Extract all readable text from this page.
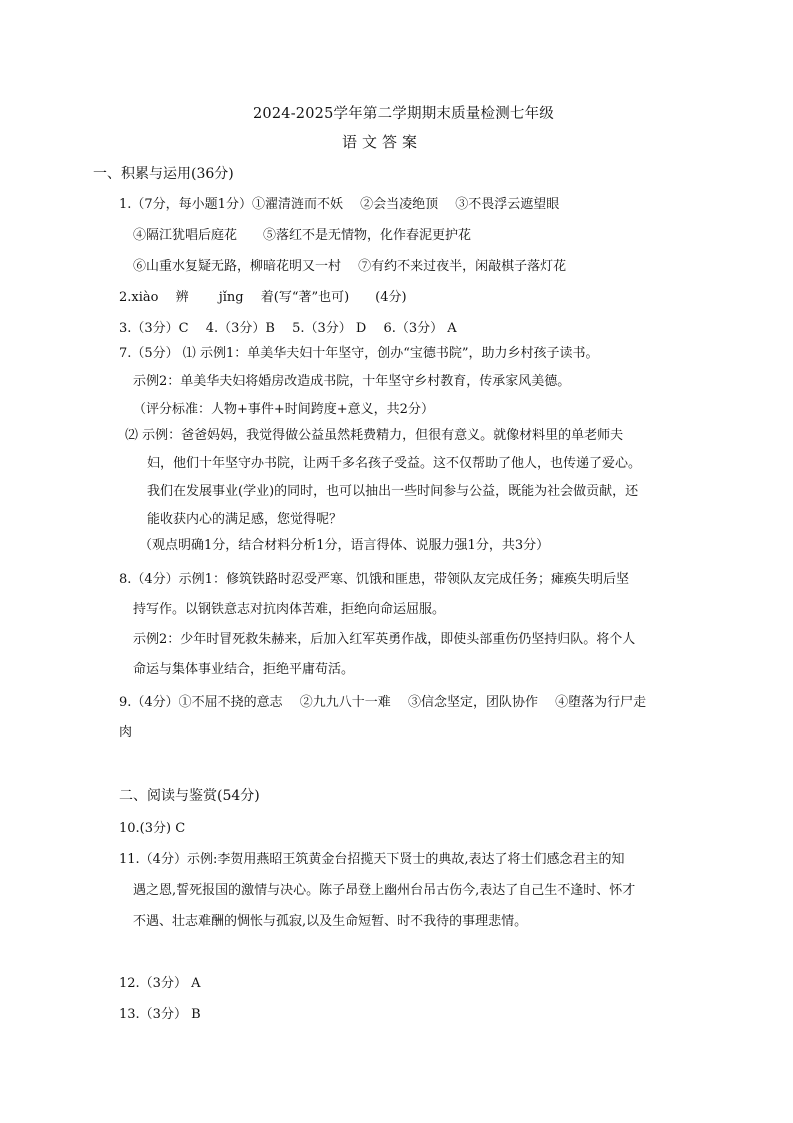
2024-2025学年第二学期期末质量检测七年级
语文答案
一、积累与运用(36分)
1.（7分，每小题1分）①濯清涟而不妖　 ②会当凌绝顶　 ③不畏浮云遮望眼
④隔江犹唱后庭花　　⑤落红不是无情物，化作春泥更护花
⑥山重水复疑无路，柳暗花明又一村　 ⑦有约不来过夜半，闲敲棋子落灯花
2.xiào　 辨　　 jǐng　 着(写“著”也可)　　(4分)
3.（3分）C　 4.（3分）B　 5.（3分） D　 6.（3分） A
7.（5分） ⑴ 示例1：单美华夫妇十年坚守，创办“宝德书院”，助力乡村孩子读书。
示例2：单美华夫妇将婚房改造成书院，十年坚守乡村教育，传承家风美德。
（评分标准：人物+事件+时间跨度+意义，共2分）
⑵ 示例：爸爸妈妈，我觉得做公益虽然耗费精力，但很有意义。就像材料里的单老师夫
妇，他们十年坚守办书院，让两千多名孩子受益。这不仅帮助了他人，也传递了爱心。
我们在发展事业(学业)的同时，也可以抽出一些时间参与公益，既能为社会做贡献，还
能收获内心的满足感，您觉得呢？
（观点明确1分，结合材料分析1分，语言得体、说服力强1分，共3分）
8.（4分）示例1：修筑铁路时忍受严寒、饥饿和匪患，带领队友完成任务；瘫痪失明后坚
持写作。以钢铁意志对抗肉体苦难，拒绝向命运屈服。
示例2：少年时冒死救朱赫来，后加入红军英勇作战，即使头部重伤仍坚持归队。将个人
命运与集体事业结合，拒绝平庸苟活。
9.（4分）①不屈不挠的意志　 ②九九八十一难　 ③信念坚定，团队协作　 ④堕落为行尸走
肉
二、阅读与鉴赏(54分)
10.(3分) C
11.（4分）示例:李贺用燕昭王筑黄金台招揽天下贤士的典故,表达了将士们感念君主的知
遇之恩,誓死报国的激情与决心。陈子昂登上幽州台吊古伤今,表达了自己生不逢时、怀才
不遇、壮志难酬的惆怅与孤寂,以及生命短暂、时不我待的事理悲情。
12.（3分） A
13.（3分） B
